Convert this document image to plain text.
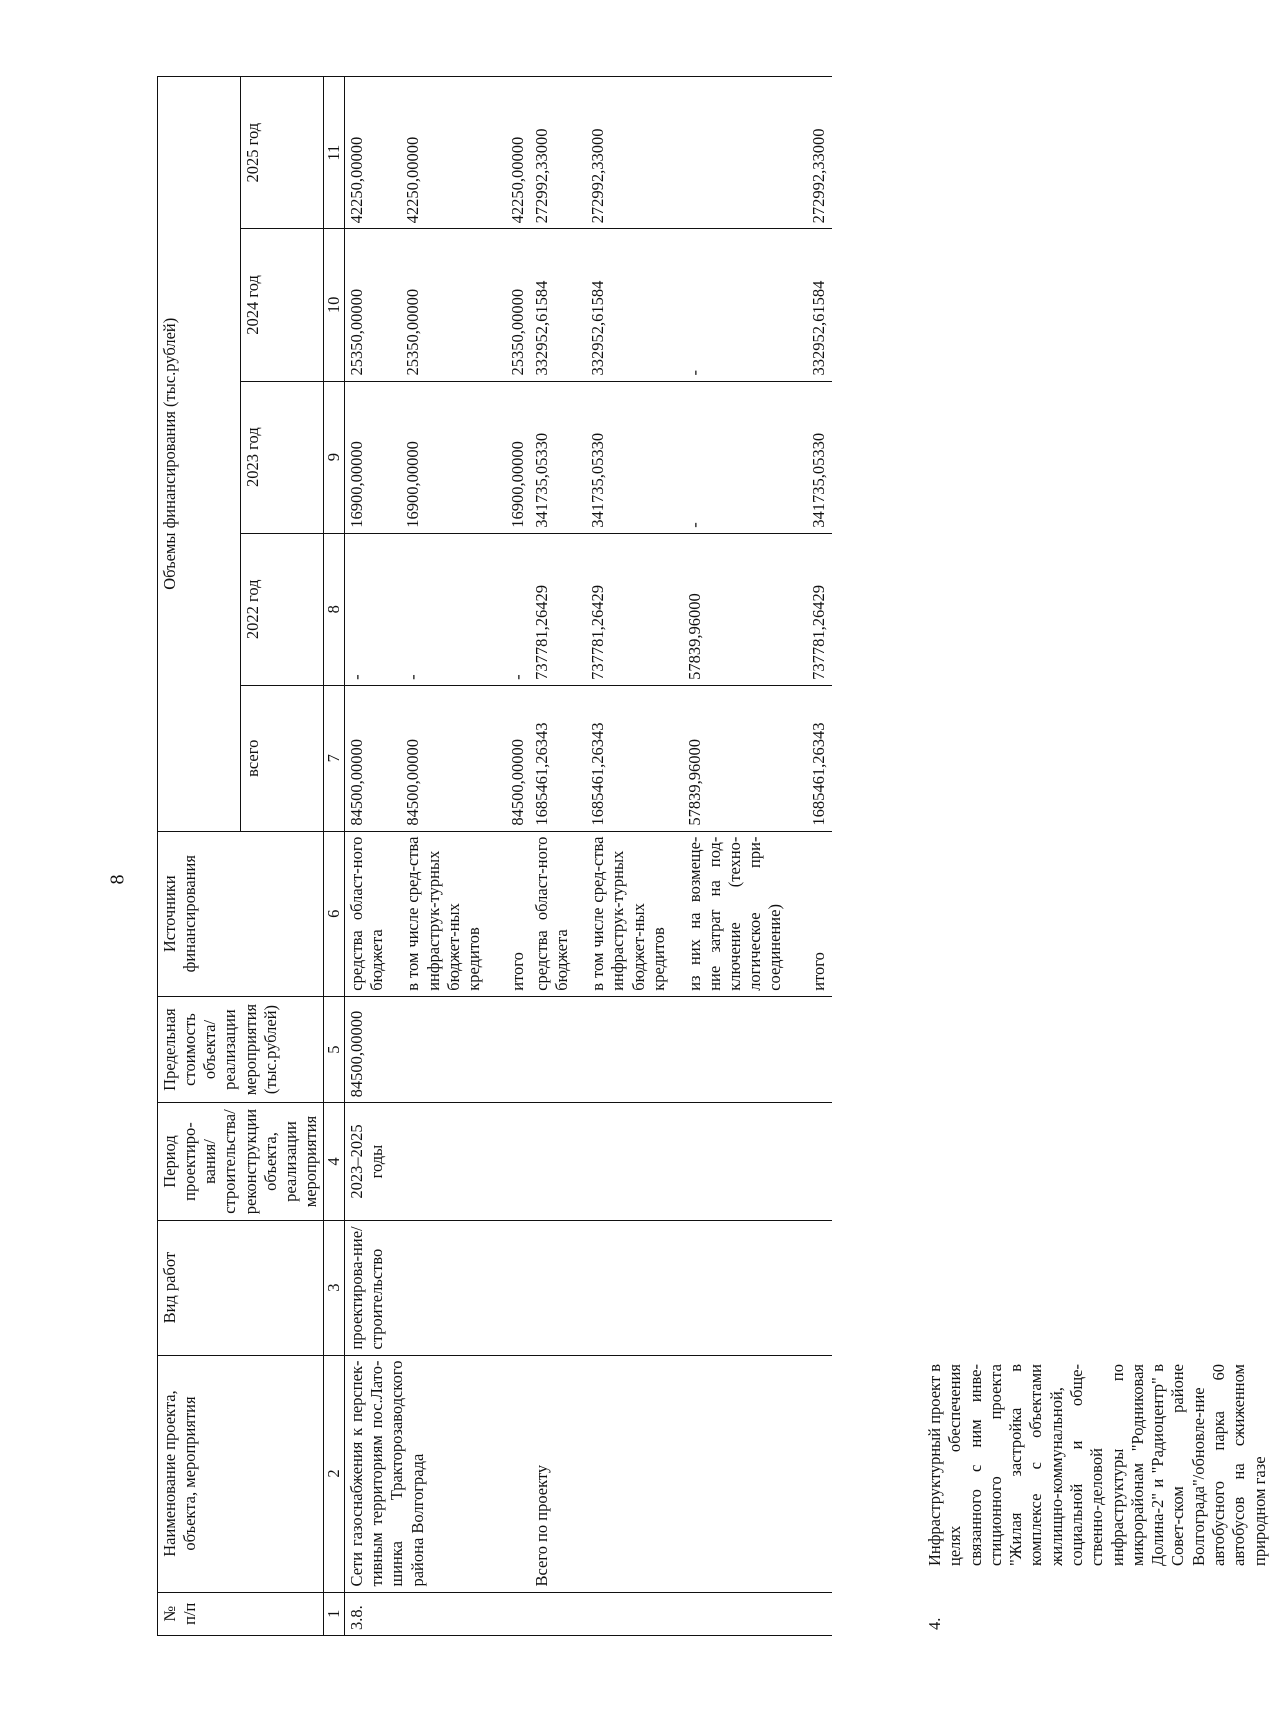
8
№ п/п	Наименование проекта, объекта, мероприятия	Вид работ	Период проектиро-вания/ строительства/ реконструкции объекта, реализации мероприятия	Предельная стоимость объекта/ реализации мероприятия (тыс.рублей)	Источники финансирования	Объемы финансирования (тыс.рублей)				
						всего	2022 год	2023 год	2024 год	2025 год
1	2	3	4	5	6	7	8	9	10	11
3.8.	Сети газоснабжения к перспек-тивным территориям пос.Лато-шинка Тракторозаводского района Волгограда	проектирова-ние/строительство	2023–2025 годы	84500,00000	средства област-ного бюджета	84500,00000	-	16900,00000	25350,00000	42250,00000
					в том числе сред-ства инфраструк-турных бюджет-ных кредитов	84500,00000	-	16900,00000	25350,00000	42250,00000
					итого	84500,00000	-	16900,00000	25350,00000	42250,00000
	Всего по проекту				средства област-ного бюджета	1685461,26343	737781,26429	341735,05330	332952,61584	272992,33000
					в том числе сред-ства инфраструк-турных бюджет-ных кредитов	1685461,26343	737781,26429	341735,05330	332952,61584	272992,33000
					из них на возмеще-ние затрат на под-ключение (техно-логическое при-соединение)	57839,96000	57839,96000	-	-	
					итого	1685461,26343	737781,26429	341735,05330	332952,61584	272992,33000
4.
Инфраструктурный проект в целях обеспечения связанного с ним инве-стиционного проекта "Жилая застройка в комплексе с объектами жилищно-коммунальной, социальной и обще-ственно-деловой инфраструктуры по микрорайонам "Родниковая Долина-2" и "Радиоцентр" в Совет-ском районе Волгограда"/обновле-ние автобусного парка 60 автобусов на сжиженном природном газе
